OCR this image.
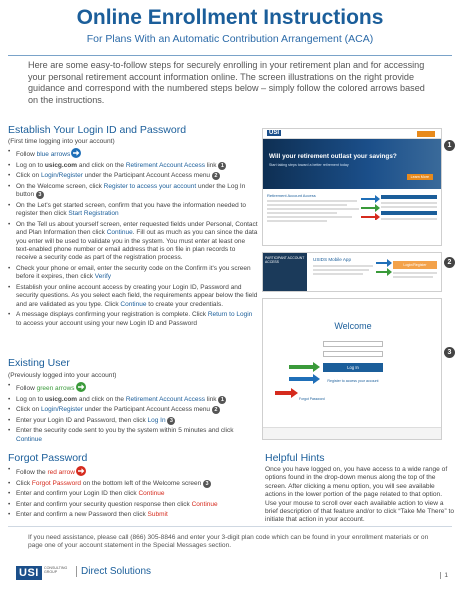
Online Enrollment Instructions
For Plans With an Automatic Contribution Arrangement (ACA)
Here are some easy-to-follow steps for securely enrolling in your retirement plan and for accessing your personal retirement account information online. The screen illustrations on the right provide guidance and correspond with the numbered steps below – simply follow the colored arrows based on the instructions.
Establish Your Login ID and Password
(First time logging into your account)
• Follow blue arrows
• Log on to usicg.com and click on the Retirement Account Access link 1
• Click on Login/Register under the Participant Account Access menu 2
• On the Welcome screen, click Register to access your account under the Log In button 3
• On the Let's get started screen, confirm that you have the information needed to register then click Start Registration
• On the Tell us about yourself screen, enter requested fields under Personal, Contact and Plan Information then click Continue. Fill out as much as you can since the data you enter will be used to validate you in the system. You must enter at least one text-enabled phone number or email address that is on file in plan records to receive a security code as part of the registration process.
• Check your phone or email, enter the security code on the Confirm it's you screen before it expires, then click Verify
• Establish your online account access by creating your Login ID, Password and security questions. As you select each field, the requirements appear below the field and are validated as you type. Click Continue to create your credentials.
• A message displays confirming your registration is complete. Click Return to Login to access your account using your new Login ID and Password
Existing User
(Previously logged into your account)
• Follow green arrows
• Log on to usicg.com and click on the Retirement Account Access link 1
• Click on Login/Register under the Participant Account Access menu 2
• Enter your Login ID and Password, then click Log In 3
• Enter the security code sent to you by the system within 5 minutes and click Continue
Forgot Password
• Follow the red arrow
• Click Forgot Password on the bottom left of the Welcome screen 3
• Enter and confirm your Login ID then click Continue
• Enter and confirm your security question response then click Continue
• Enter and confirm a new Password then click Submit
USI
Will your retirement outlast your savings?
Start taking steps toward a better retirement today
Learn More
Retirement Account Access
1
PARTICIPANT ACCOUNT ACCESS	USIDS Mobile App
Login/Register	2
Welcome
Log In
Register to access your account
Forgot Password
3
Helpful Hints
Once you have logged on, you have access to a wide range of options found in the drop-down menus along the top of the screen. After clicking a menu option, you will see available actions in the lower portion of the page related to that option. Use your mouse to scroll over each available action to view a brief description of that feature and/or to click “Take Me There” to initiate that action in your account.
If you need assistance, please call (866) 305-8846 and enter your 3-digit plan code which can be found in your enrollment materials or on page one of your account statement in the Special Messages section.
USI	CONSULTING GROUP	Direct Solutions	1
